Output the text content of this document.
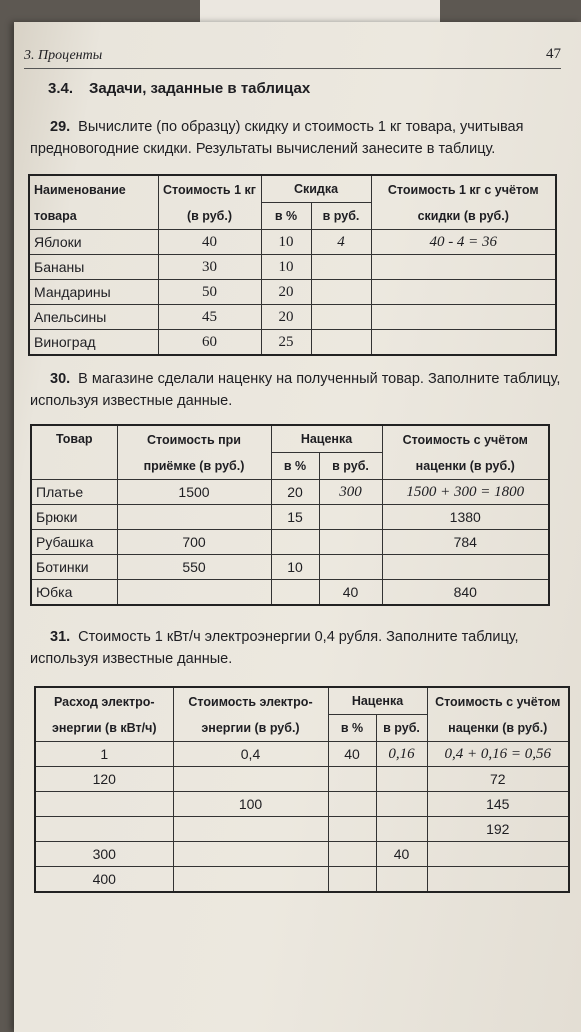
3. Проценты	47
3.4. Задачи, заданные в таблицах
29. Вычислите (по образцу) скидку и стоимость 1 кг товара, учитывая предновогодние скидки. Результаты вычислений занесите в таблицу.
Наименование товара	Стоимость 1 кг (в руб.)	Скидка		Стоимость 1 кг с учётом скидки (в руб.)
		в %	в руб.	
Яблоки	40	10	4	40 - 4 = 36
Бананы	30	10		
Мандарины	50	20		
Апельсины	45	20		
Виноград	60	25		
30. В магазине сделали наценку на полученный товар. Заполните таблицу, используя известные данные.
Товар	Стоимость при приёмке (в руб.)	Наценка		Стоимость с учётом наценки (в руб.)
		в %	в руб.	
Платье	1500	20	300	1500 + 300 = 1800
Брюки		15		1380
Рубашка	700			784
Ботинки	550	10		
Юбка			40	840
31. Стоимость 1 кВт/ч электроэнергии 0,4 рубля. Заполните таблицу, используя известные данные.
Расход электро-энергии (в кВт/ч)	Стоимость электро-энергии (в руб.)	Наценка		Стоимость с учётом наценки (в руб.)
		в %	в руб.	
1	0,4	40	0,16	0,4 + 0,16 = 0,56
120				72
	100			145
				192
300			40	
400				
